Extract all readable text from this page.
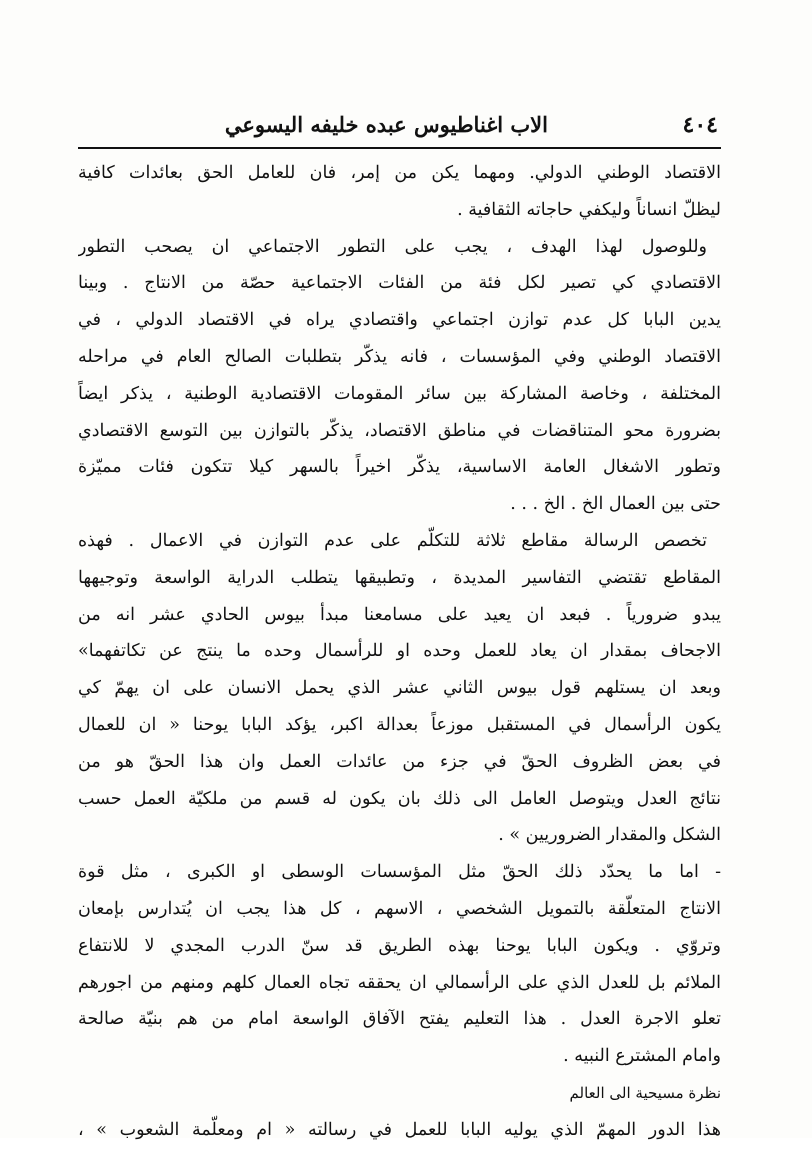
٤٠٤
الاب اغناطيوس عبده خليفه اليسوعي
الاقتصاد الوطني الدولي. ومهما يكن من إمر، فان للعامل الحق بعائدات كافية
ليظلّ انساناً وليكفي حاجاته الثقافية .
وللوصول لهذا الهدف ، يجب على التطور الاجتماعي ان يصحب التطور
الاقتصادي كي تصير لكل فئة من الفئات الاجتماعية حصّة من الانتاج . وبينا
يدين البابا كل عدم توازن اجتماعي واقتصادي يراه في الاقتصاد الدولي ، في
الاقتصاد الوطني وفي المؤسسات ، فانه يذكّر بتطلبات الصالح العام في مراحله
المختلفة ، وخاصة المشاركة بين سائر المقومات الاقتصادية الوطنية ، يذكر ايضاً
بضرورة محو المتناقضات في مناطق الاقتصاد، يذكّر بالتوازن بين التوسع الاقتصادي
وتطور الاشغال العامة الاساسية، يذكّر اخيراً بالسهر كيلا تتكون فئات مميّزة
حتى بين العمال الخ . الخ . . .
تخصص الرسالة مقاطع ثلاثة للتكلّم على عدم التوازن في الاعمال . فهذه
المقاطع تقتضي التفاسير المديدة ، وتطبيقها يتطلب الدراية الواسعة وتوجيهها
يبدو ضرورياً . فبعد ان يعيد على مسامعنا مبدأ بيوس الحادي عشر انه من
الاجحاف بمقدار ان يعاد للعمل وحده او للرأسمال وحده ما ينتج عن تكاتفهما»
وبعد ان يستلهم قول بيوس الثاني عشر الذي يحمل الانسان على ان يهمّ كي
يكون الرأسمال في المستقبل موزعاً بعدالة اكبر، يؤكد البابا يوحنا « ان للعمال
في بعض الظروف الحقّ في جزء من عائدات العمل وان هذا الحقّ هو من
نتائج العدل ويتوصل العامل الى ذلك بان يكون له قسم من ملكيّة العمل حسب
الشكل والمقدار الضروريين » .
- اما ما يحدّد ذلك الحقّ مثل المؤسسات الوسطى او الكبرى ، مثل قوة
الانتاج المتعلّقة بالتمويل الشخصي ، الاسهم ، كل هذا يجب ان يُتدارس بإمعان
وتروّي . ويكون البابا يوحنا بهذه الطريق قد سنّ الدرب المجدي لا للانتفاع
الملائم بل للعدل الذي على الرأسمالي ان يحققه تجاه العمال كلهم ومنهم من اجورهم
تعلو الاجرة العدل . هذا التعليم يفتح الآفاق الواسعة امام من هم بنيّة صالحة
وامام المشترع النبيه .
نظرة مسيحية الى العالم
هذا الدور المهمّ الذي يوليه البابا للعمل في رسالته « ام ومعلّمة الشعوب » ،
